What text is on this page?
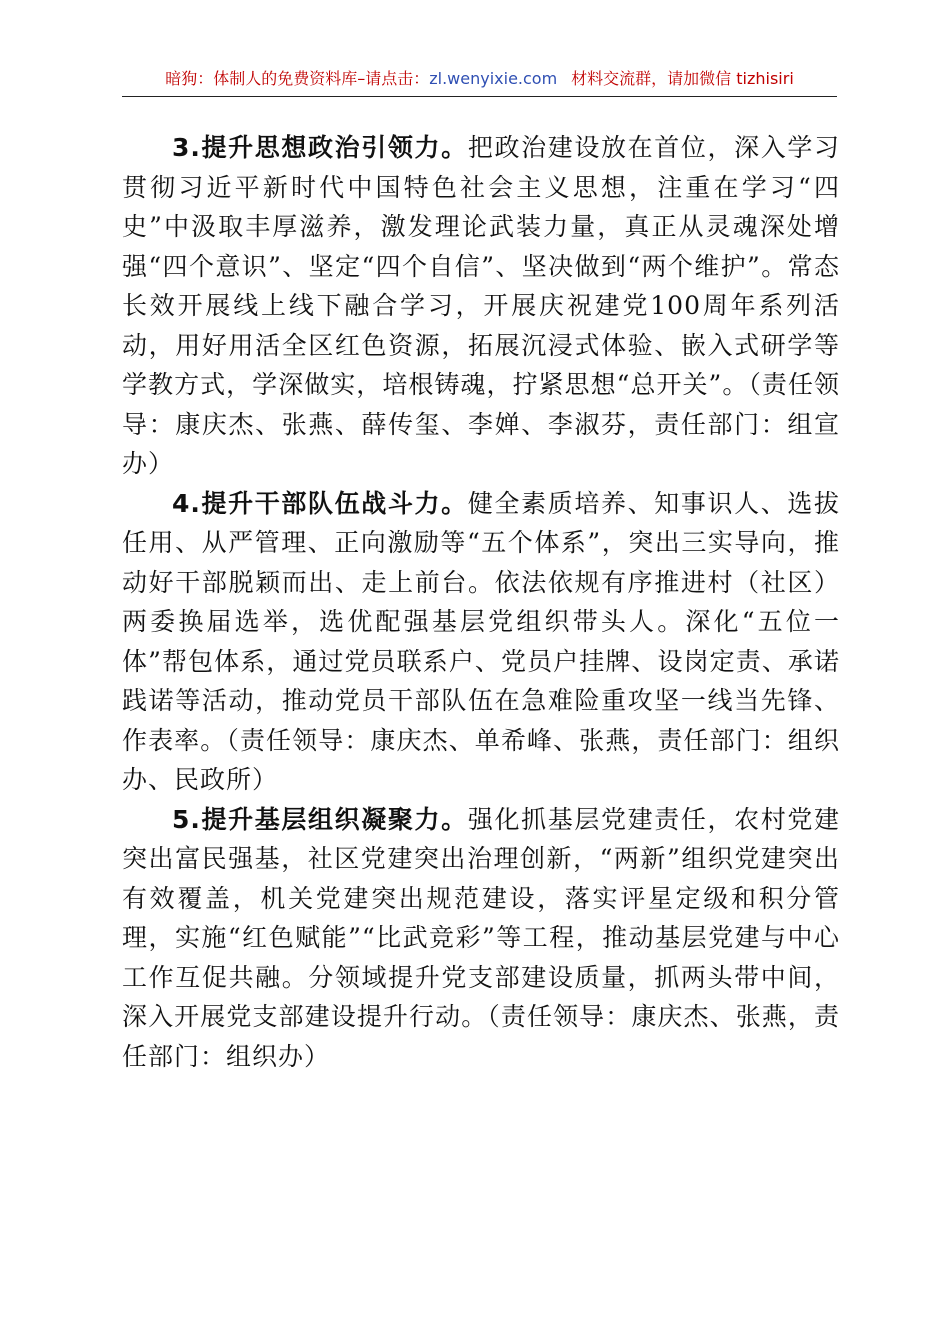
暗狗：体制人的免费资料库–请点击：zl.wenyixie.com 材料交流群，请加微信 tizhisiri

3.提升思想政治引领力。把政治建设放在首位，深入学习贯彻习近平新时代中国特色社会主义思想，注重在学习“四史”中汲取丰厚滋养，激发理论武装力量，真正从灵魂深处增强“四个意识”、坚定“四个自信”、坚决做到“两个维护”。常态长效开展线上线下融合学习，开展庆祝建党100周年系列活动，用好用活全区红色资源，拓展沉浸式体验、嵌入式研学等学教方式，学深做实，培根铸魂，拧紧思想“总开关”。（责任领导：康庆杰、张燕、薛传玺、李婵、李淑芬，责任部门：组宣办）

4.提升干部队伍战斗力。健全素质培养、知事识人、选拔任用、从严管理、正向激励等“五个体系”，突出三实导向，推动好干部脱颖而出、走上前台。依法依规有序推进村（社区）两委换届选举，选优配强基层党组织带头人。深化“五位一体”帮包体系，通过党员联系户、党员户挂牌、设岗定责、承诺践诺等活动，推动党员干部队伍在急难险重攻坚一线当先锋、作表率。（责任领导：康庆杰、单希峰、张燕，责任部门：组织办、民政所）

5.提升基层组织凝聚力。强化抓基层党建责任，农村党建突出富民强基，社区党建突出治理创新，“两新”组织党建突出有效覆盖，机关党建突出规范建设，落实评星定级和积分管理，实施“红色赋能”“比武竞彩”等工程，推动基层党建与中心工作互促共融。分领域提升党支部建设质量，抓两头带中间，深入开展党支部建设提升行动。（责任领导：康庆杰、张燕，责任部门：组织办）
